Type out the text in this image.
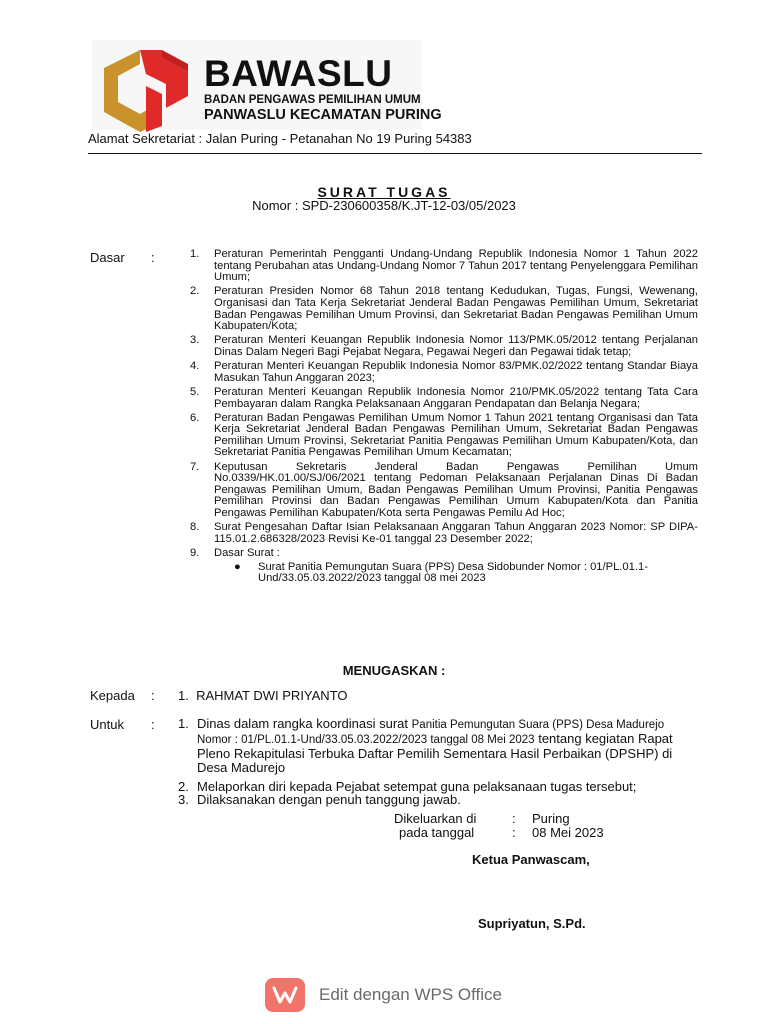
BAWASLU
BADAN PENGAWAS PEMILIHAN UMUM
PANWASLU KECAMATAN PURING
Alamat Sekretariat : Jalan Puring - Petanahan No 19 Puring 54383
SURAT TUGAS
Nomor : SPD-230600358/K.JT-12-03/05/2023
Dasar :	1.	Peraturan Pemerintah Pengganti Undang-Undang Republik Indonesia Nomor 1 Tahun 2022 tentang Perubahan atas Undang-Undang Nomor 7 Tahun 2017 tentang Penyelenggara Pemilihan Umum;
2.	Peraturan Presiden Nomor 68 Tahun 2018 tentang Kedudukan, Tugas, Fungsi, Wewenang, Organisasi dan Tata Kerja Sekretariat Jenderal Badan Pengawas Pemilihan Umum, Sekretariat Badan Pengawas Pemilihan Umum Provinsi, dan Sekretariat Badan Pengawas Pemilihan Umum Kabupaten/Kota;
3.	Peraturan Menteri Keuangan Republik Indonesia Nomor 113/PMK.05/2012 tentang Perjalanan Dinas Dalam Negeri Bagi Pejabat Negara, Pegawai Negeri dan Pegawai tidak tetap;
4.	Peraturan Menteri Keuangan Republik Indonesia Nomor 83/PMK.02/2022 tentang Standar Biaya Masukan Tahun Anggaran 2023;
5.	Peraturan Menteri Keuangan Republik Indonesia Nomor 210/PMK.05/2022 tentang Tata Cara Pembayaran dalam Rangka Pelaksanaan Anggaran Pendapatan dan Belanja Negara;
6.	Peraturan Badan Pengawas Pemilihan Umum Nomor 1 Tahun 2021 tentang Organisasi dan Tata Kerja Sekretariat Jenderal Badan Pengawas Pemilihan Umum, Sekretariat Badan Pengawas Pemilihan Umum Provinsi, Sekretariat Panitia Pengawas Pemilihan Umum Kabupaten/Kota, dan Sekretariat Panitia Pengawas Pemilihan Umum Kecamatan;
7.	Keputusan Sekretaris Jenderal Badan Pengawas Pemilihan Umum No.0339/HK.01.00/SJ/06/2021 tentang Pedoman Pelaksanaan Perjalanan Dinas Di Badan Pengawas Pemilihan Umum, Badan Pengawas Pemilihan Umum Provinsi, Panitia Pengawas Pemilihan Provinsi dan Badan Pengawas Pemilihan Umum Kabupaten/Kota dan Panitia Pengawas Pemilihan Kabupaten/Kota serta Pengawas Pemilu Ad Hoc;
8.	Surat Pengesahan Daftar Isian Pelaksanaan Anggaran Tahun Anggaran 2023 Nomor: SP DIPA- 115.01.2.686328/2023 Revisi Ke-01 tanggal 23 Desember 2022;
9.	Dasar Surat :
●	Surat Panitia Pemungutan Suara (PPS) Desa Sidobunder Nomor : 01/PL.01.1-Und/33.05.03.2022/2023 tanggal 08 mei 2023
MENUGASKAN :
Kepada : 1. RAHMAT DWI PRIYANTO
Untuk : 1. Dinas dalam rangka koordinasi surat Panitia Pemungutan Suara (PPS) Desa Madurejo Nomor : 01/PL.01.1-Und/33.05.03.2022/2023 tanggal 08 Mei 2023 tentang kegiatan Rapat Pleno Rekapitulasi Terbuka Daftar Pemilih Sementara Hasil Perbaikan (DPSHP) di Desa Madurejo
2. Melaporkan diri kepada Pejabat setempat guna pelaksanaan tugas tersebut;
3. Dilaksanakan dengan penuh tanggung jawab.
Dikeluarkan di	:	Puring
pada tanggal	:	08 Mei 2023
Ketua Panwascam,
Supriyatun, S.Pd.
Edit dengan WPS Office
